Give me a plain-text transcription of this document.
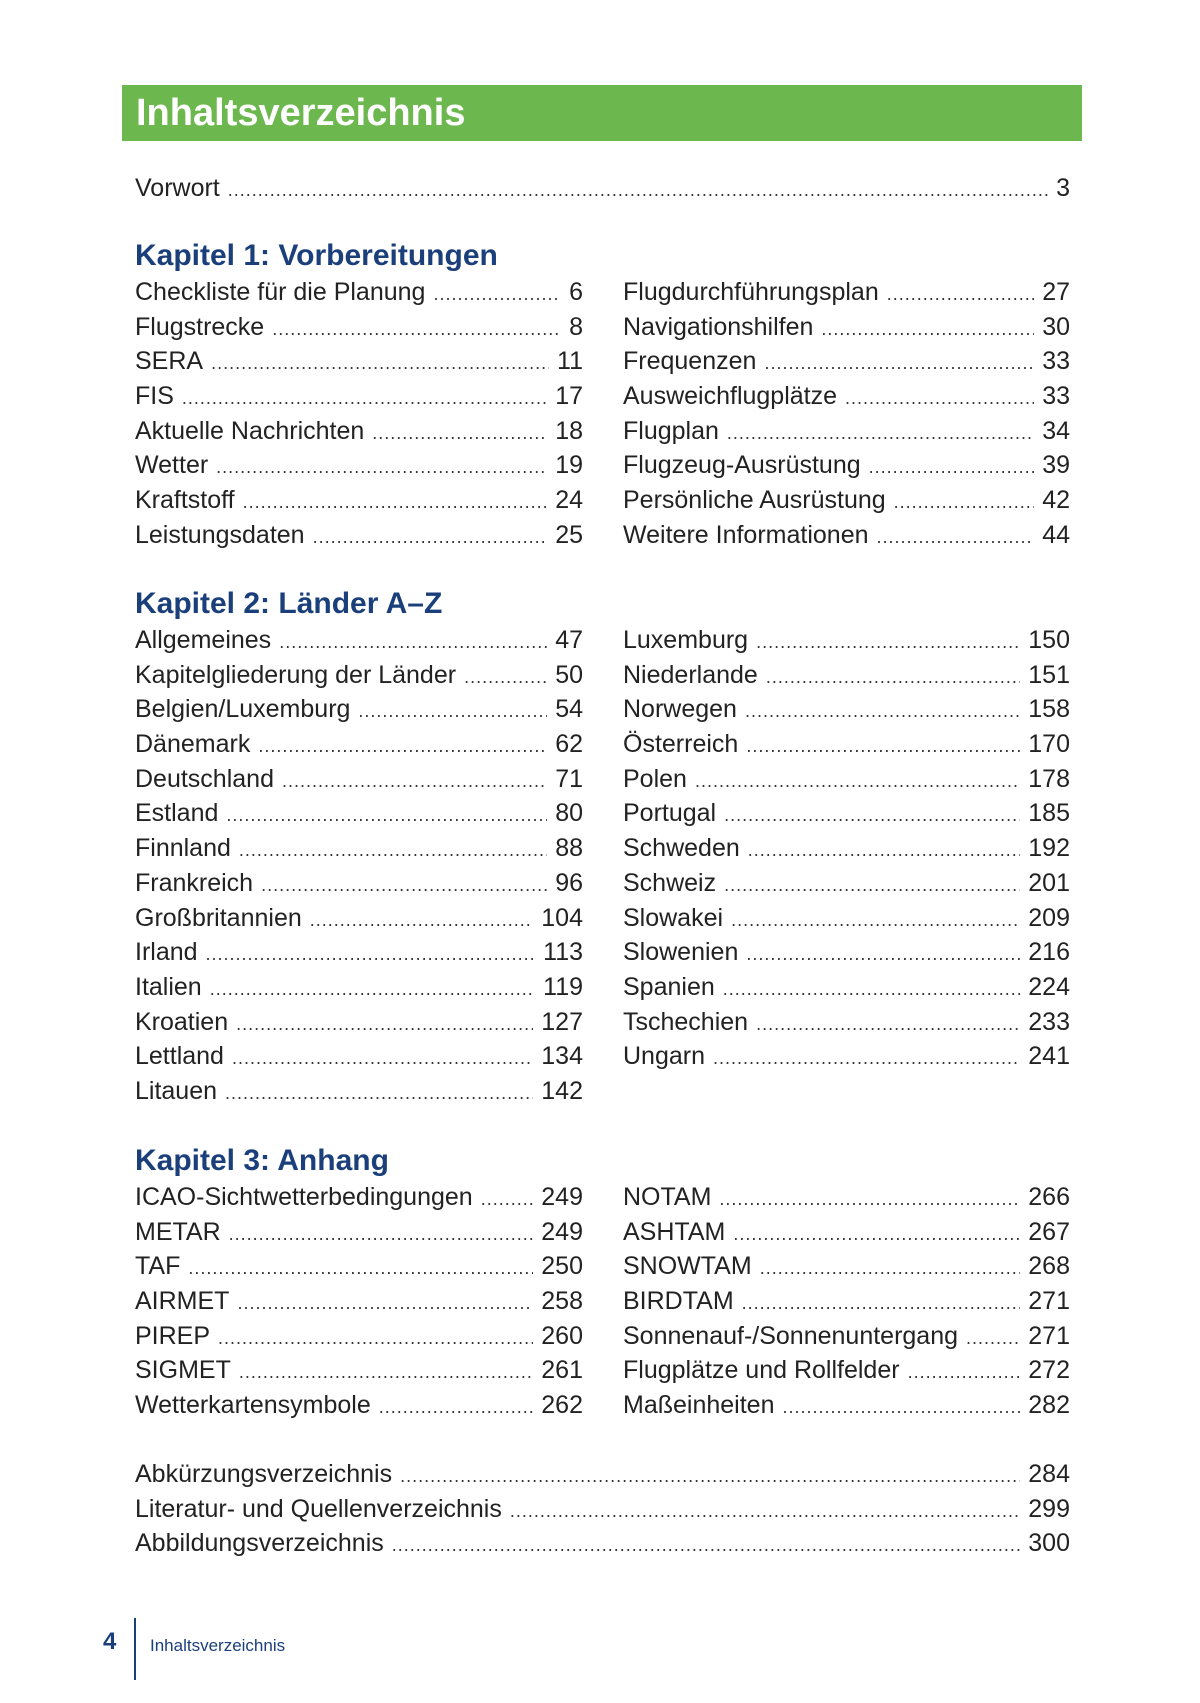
Inhaltsverzeichnis
Vorwort .....	3
Kapitel 1: Vorbereitungen
Checkliste für die Planung .....	6
Flugstrecke .....	8
SERA .....	11
FIS .....	17
Aktuelle Nachrichten .....	18
Wetter .....	19
Kraftstoff .....	24
Leistungsdaten .....	25
Flugdurchführungsplan .....	27
Navigationshilfen .....	30
Frequenzen .....	33
Ausweichflugplätze .....	33
Flugplan .....	34
Flugzeug-Ausrüstung .....	39
Persönliche Ausrüstung .....	42
Weitere Informationen .....	44
Kapitel 2: Länder A–Z
Allgemeines .....	47
Kapitelgliederung der Länder .....	50
Belgien/Luxemburg .....	54
Dänemark .....	62
Deutschland .....	71
Estland .....	80
Finnland .....	88
Frankreich .....	96
Großbritannien .....	104
Irland .....	113
Italien .....	119
Kroatien .....	127
Lettland .....	134
Litauen .....	142
Luxemburg .....	150
Niederlande .....	151
Norwegen .....	158
Österreich .....	170
Polen .....	178
Portugal .....	185
Schweden .....	192
Schweiz .....	201
Slowakei .....	209
Slowenien .....	216
Spanien .....	224
Tschechien .....	233
Ungarn .....	241
Kapitel 3: Anhang
ICAO-Sichtwetterbedingungen .....	249
METAR .....	249
TAF .....	250
AIRMET .....	258
PIREP .....	260
SIGMET .....	261
Wetterkartensymbole .....	262
NOTAM .....	266
ASHTAM .....	267
SNOWTAM .....	268
BIRDTAM .....	271
Sonnenauf-/Sonnenuntergang .....	271
Flugplätze und Rollfelder .....	272
Maßeinheiten .....	282
Abkürzungsverzeichnis .....	284
Literatur- und Quellenverzeichnis .....	299
Abbildungsverzeichnis .....	300
4 Inhaltsverzeichnis
